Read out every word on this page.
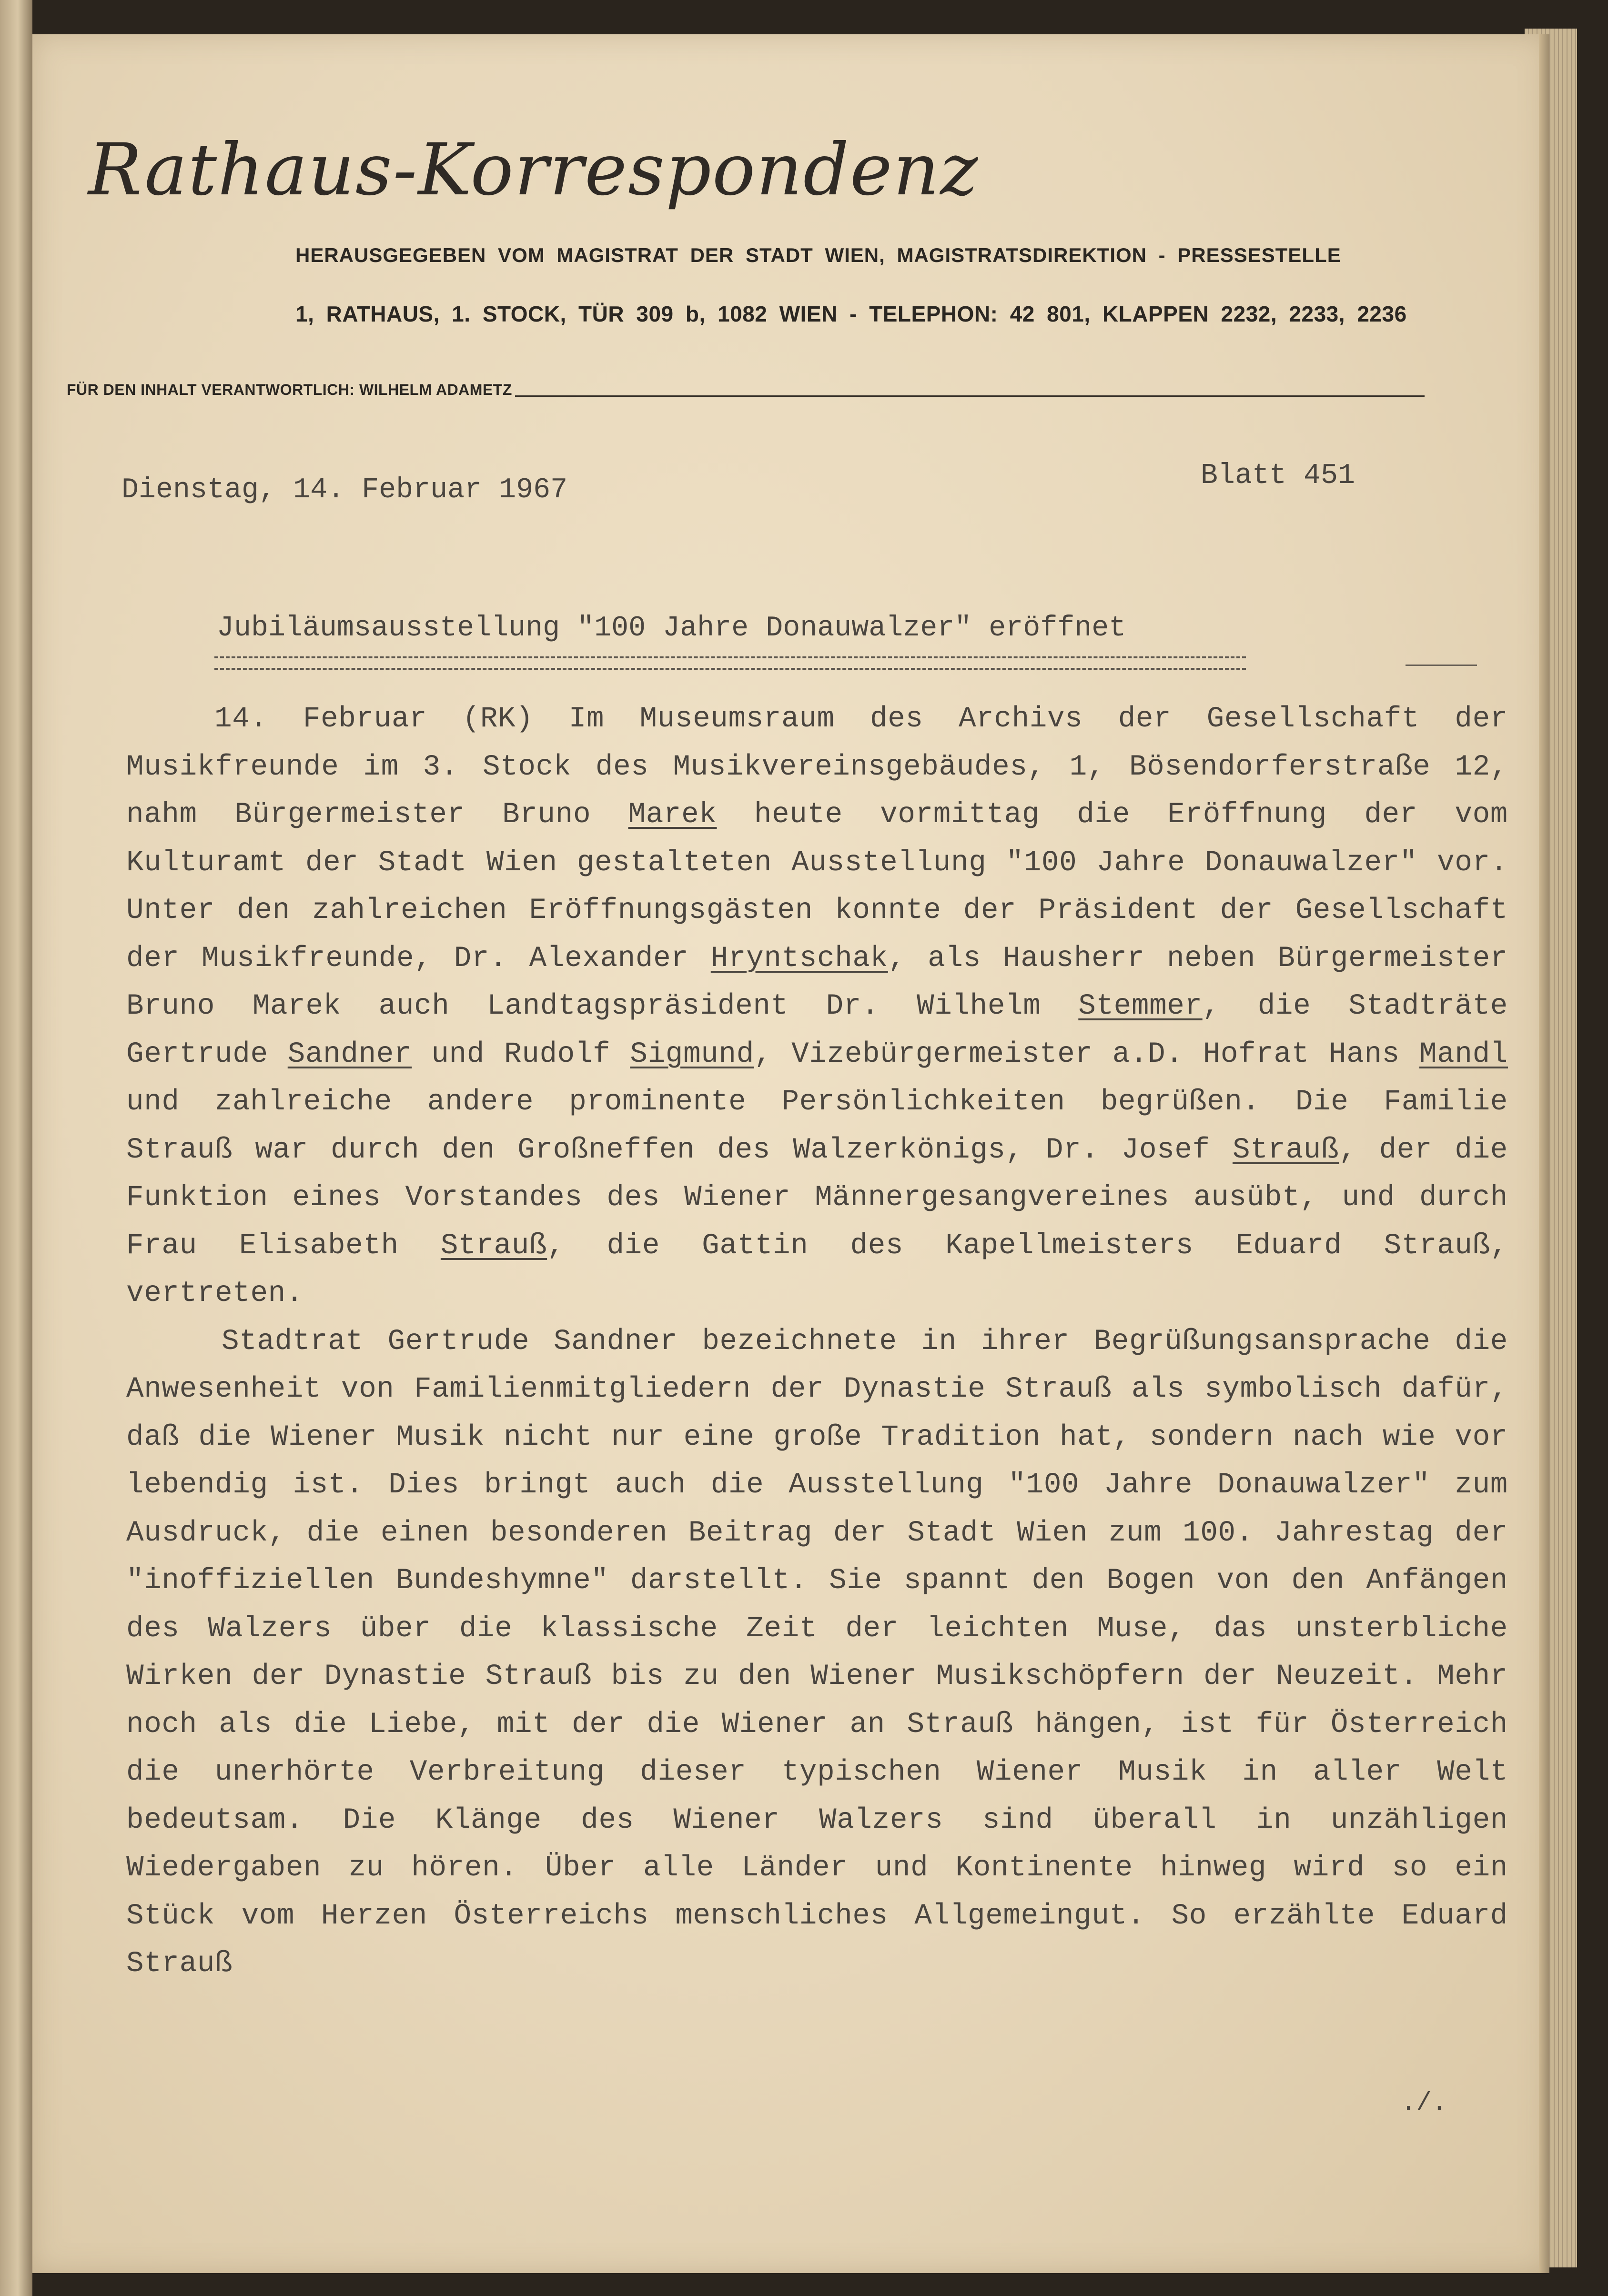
Rathaus-Korrespondenz
HERAUSGEGEBEN VOM MAGISTRAT DER STADT WIEN, MAGISTRATSDIREKTION - PRESSESTELLE
1, RATHAUS, 1. STOCK, TÜR 309 b, 1082 WIEN - TELEPHON: 42 801, KLAPPEN 2232, 2233, 2236
FÜR DEN INHALT VERANTWORTLICH: WILHELM ADAMETZ
Dienstag, 14. Februar 1967	Blatt 451
Jubiläumsausstellung "100 Jahre Donauwalzer" eröffnet

14. Februar (RK) Im Museumsraum des Archivs der Gesellschaft der Musikfreunde im 3. Stock des Musikvereinsgebäudes, 1, Bösendorferstraße 12, nahm Bürgermeister Bruno Marek heute vormittag die Eröffnung der vom Kulturamt der Stadt Wien gestalteten Ausstellung "100 Jahre Donauwalzer" vor. Unter den zahlreichen Eröffnungsgästen konnte der Präsident der Gesellschaft der Musikfreunde, Dr. Alexander Hryntschak, als Hausherr neben Bürgermeister Bruno Marek auch Landtagspräsident Dr. Wilhelm Stemmer, die Stadträte Gertrude Sandner und Rudolf Sigmund, Vizebürgermeister a.D. Hofrat Hans Mandl und zahlreiche andere prominente Persönlichkeiten begrüßen. Die Familie Strauß war durch den Großneffen des Walzerkönigs, Dr. Josef Strauß, der die Funktion eines Vorstandes des Wiener Männergesangvereines ausübt, und durch Frau Elisabeth Strauß, die Gattin des Kapellmeisters Eduard Strauß, vertreten.

Stadtrat Gertrude Sandner bezeichnete in ihrer Begrüßungsansprache die Anwesenheit von Familienmitgliedern der Dynastie Strauß als symbolisch dafür, daß die Wiener Musik nicht nur eine große Tradition hat, sondern nach wie vor lebendig ist. Dies bringt auch die Ausstellung "100 Jahre Donauwalzer" zum Ausdruck, die einen besonderen Beitrag der Stadt Wien zum 100. Jahrestag der "inoffiziellen Bundeshymne" darstellt. Sie spannt den Bogen von den Anfängen des Walzers über die klassische Zeit der leichten Muse, das unsterbliche Wirken der Dynastie Strauß bis zu den Wiener Musikschöpfern der Neuzeit. Mehr noch als die Liebe, mit der die Wiener an Strauß hängen, ist für Österreich die unerhörte Verbreitung dieser typischen Wiener Musik in aller Welt bedeutsam. Die Klänge des Wiener Walzers sind überall in unzähligen Wiedergaben zu hören. Über alle Länder und Kontinente hinweg wird so ein Stück vom Herzen Österreichs menschliches Allgemeingut. So erzählte Eduard Strauß

./.
